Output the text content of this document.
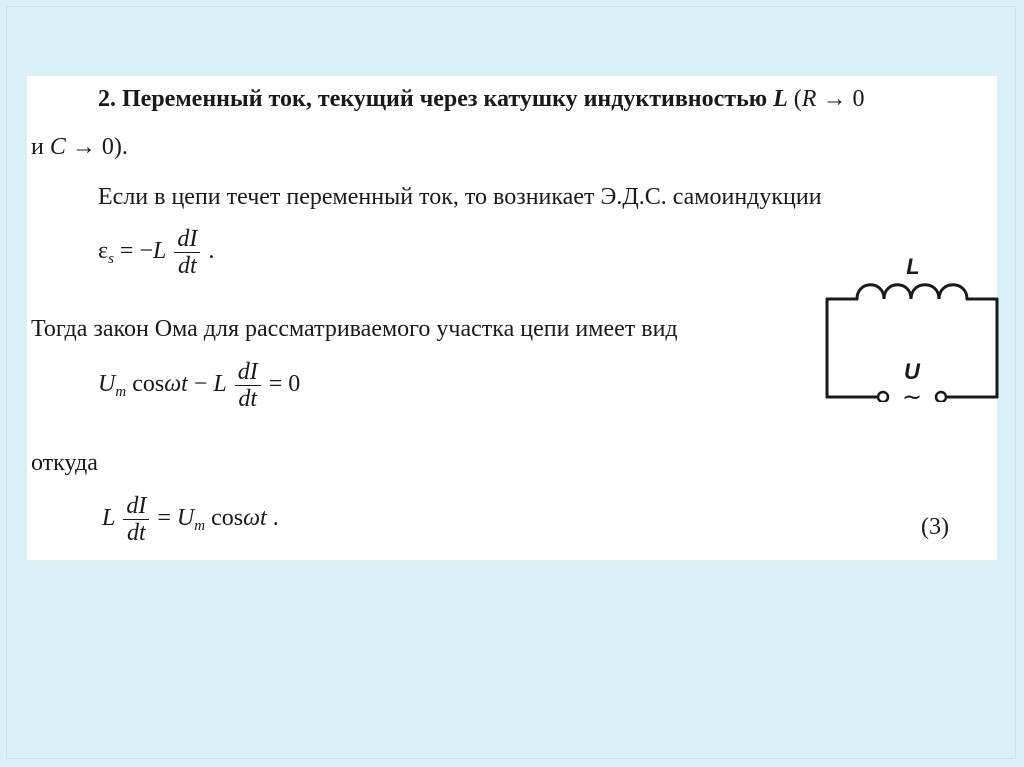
2. Переменный ток, текущий через катушку индуктивностью L (R → 0
и C → 0).
Если в цепи течет переменный ток, то возникает Э.Д.С. самоиндукции
$\varepsilon_s = -L \frac{dI}{dt}$ .
Тогда закон Ома для рассматриваемого участка цепи имеет вид
$U_m$ cosωt − L $\frac{dI}{dt} = 0$
откуда
L $\frac{dI}{dt} = U_m$ cosωt .	(3)
L
U
~
